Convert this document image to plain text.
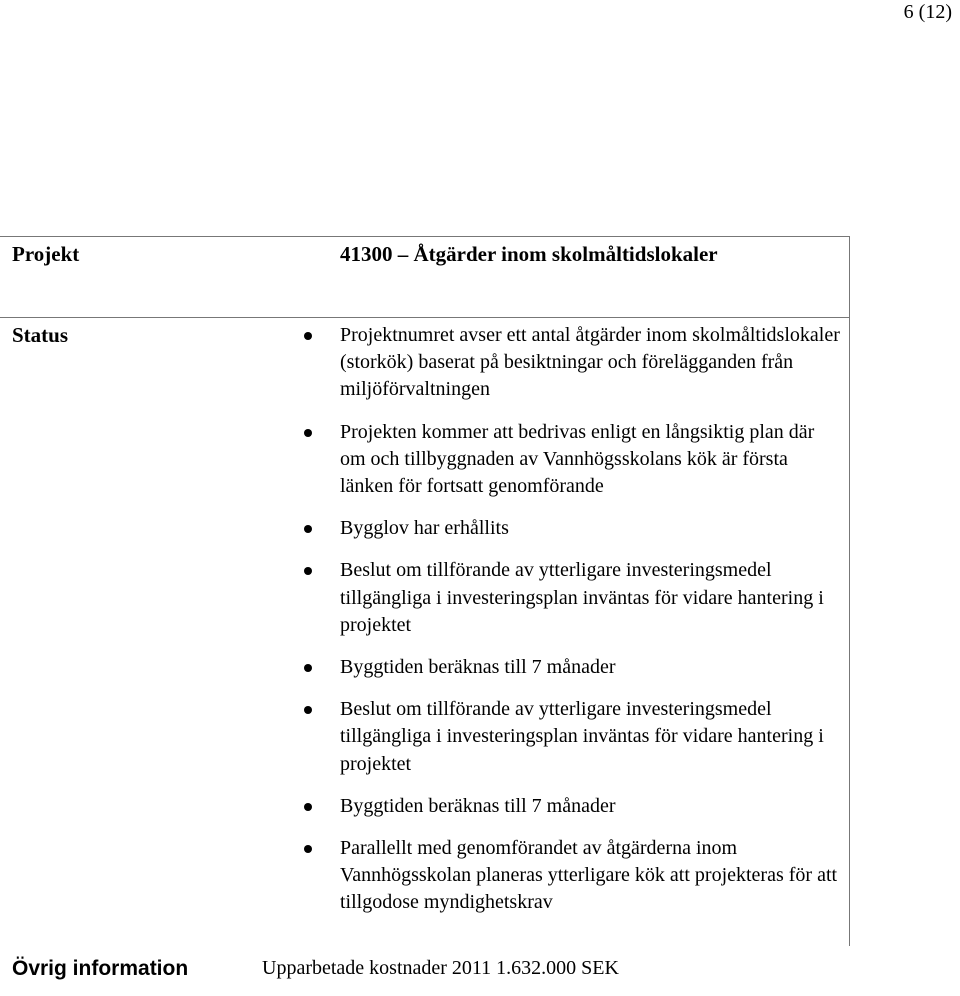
6 (12)
Projekt	41300 – Åtgärder inom skolmåltidslokaler
Status	Projektnumret avser ett antal åtgärder inom skolmåltidslokaler (storkök) baserat på besiktningar och förelägganden från miljöförvaltningen
Projekten kommer att bedrivas enligt en långsiktig plan där om och tillbyggnaden av Vannhögsskolans kök är första länken för fortsatt genomförande
Bygglov har erhållits
Beslut om tillförande av ytterligare investeringsmedel tillgängliga i investeringsplan inväntas för vidare hantering i projektet
Byggtiden beräknas till 7 månader
Beslut om tillförande av ytterligare investeringsmedel tillgängliga i investeringsplan inväntas för vidare hantering i projektet
Byggtiden beräknas till 7 månader
Parallellt med genomförandet av åtgärderna inom Vannhögsskolan planeras ytterligare kök att projekteras för att tillgodose myndighetskrav
Övrig information	Upparbetade kostnader 2011 1.632.000 SEK
